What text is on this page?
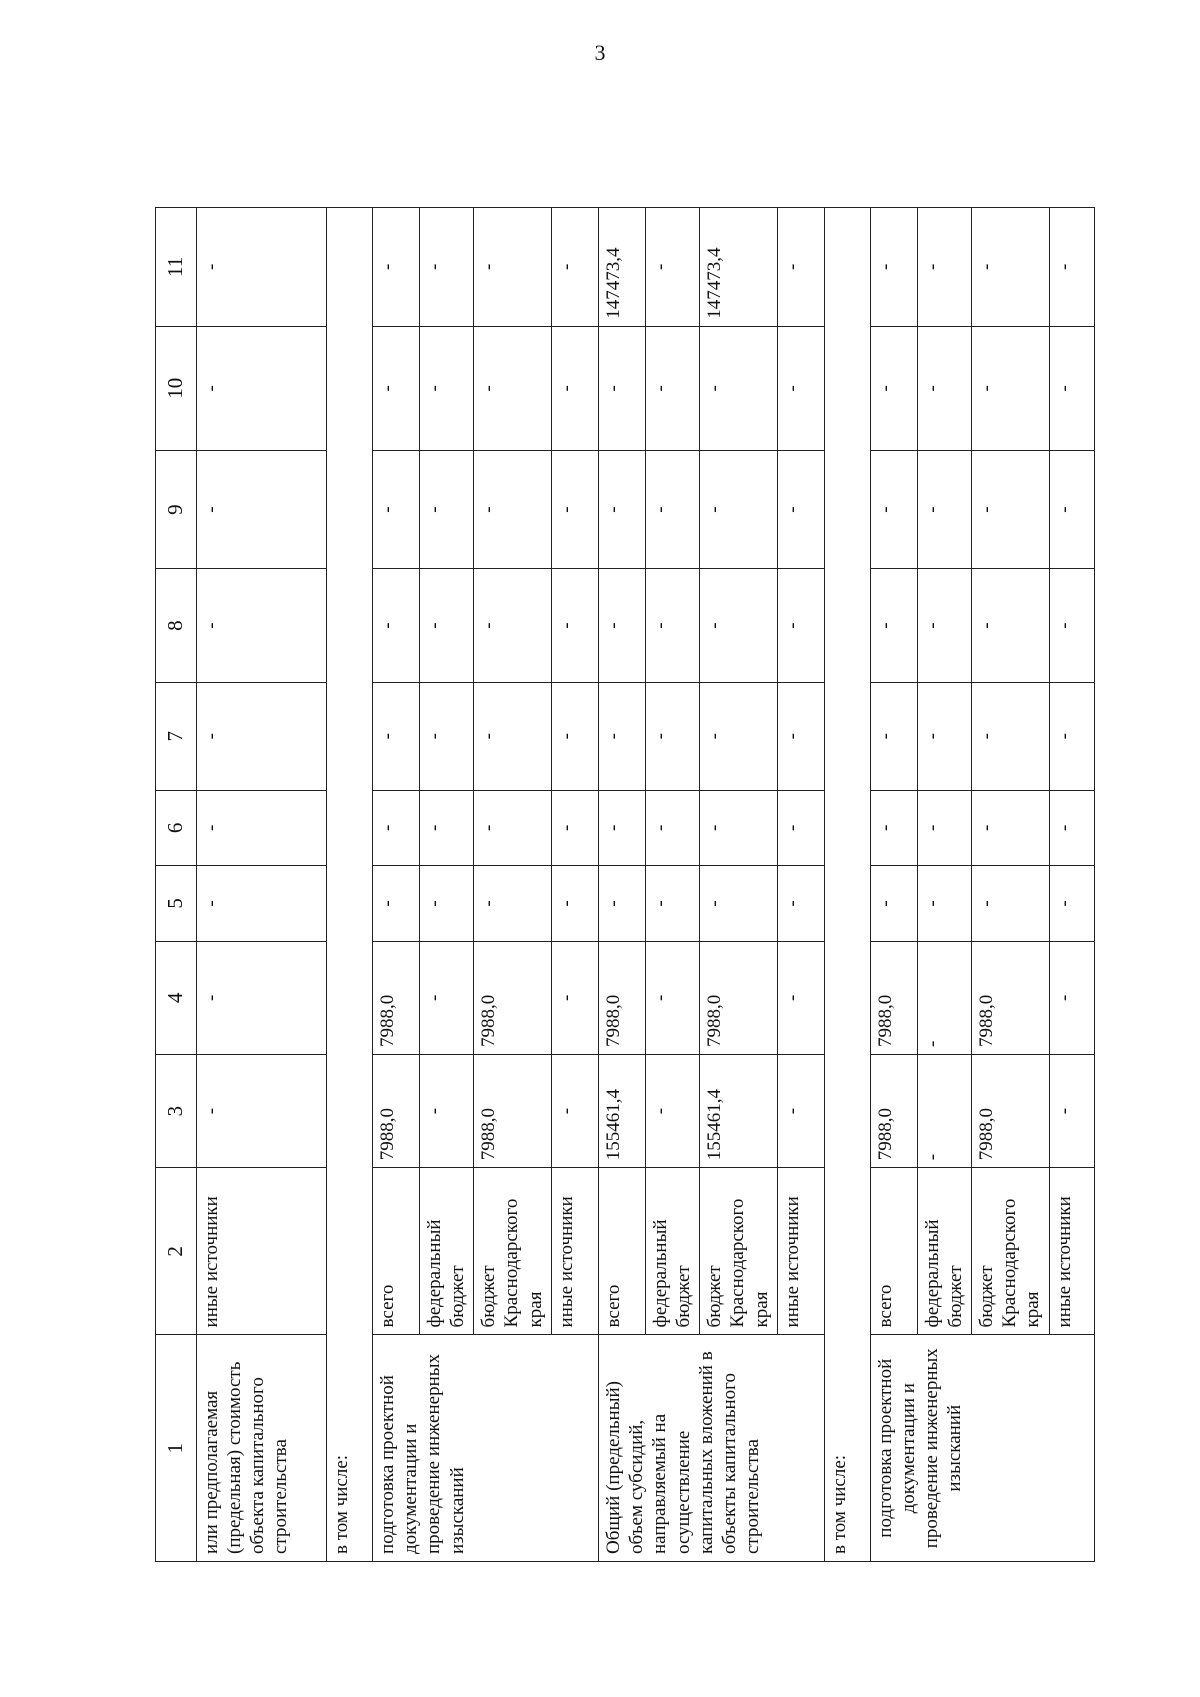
3
1	2	3	4	5	6	7	8	9	10	11
или предполагаемая (предельная) стоимость объекта капитального строительства	иные источники	-	-	-	-	-	-	-	-	-
в том числе:										
подготовка проектной документации и проведение инженерных изысканий	всего	7988,0	7988,0	-	-	-	-	-	-	-
	федеральный бюджет	-	-	-	-	-	-	-	-	-
	бюджет Краснодарского края	7988,0	7988,0	-	-	-	-	-	-	-
	иные источники	-	-	-	-	-	-	-	-	-
Общий (предельный) объем субсидий, направляемый на осуществление капитальных вложений в объекты капитального строительства	всего	155461,4	7988,0	-	-	-	-	-	-	147473,4
	федеральный бюджет	-	-	-	-	-	-	-	-	-
	бюджет Краснодарского края	155461,4	7988,0	-	-	-	-	-	-	147473,4
	иные источники	-	-	-	-	-	-	-	-	-
в том числе:										
подготовка проектной документации и проведение инженерных изысканий	всего	7988,0	7988,0	-	-	-	-	-	-	-
	федеральный бюджет	-	-	-	-	-	-	-	-	-
	бюджет Краснодарского края	7988,0	7988,0	-	-	-	-	-	-	-
	иные источники	-	-	-	-	-	-	-	-	-
